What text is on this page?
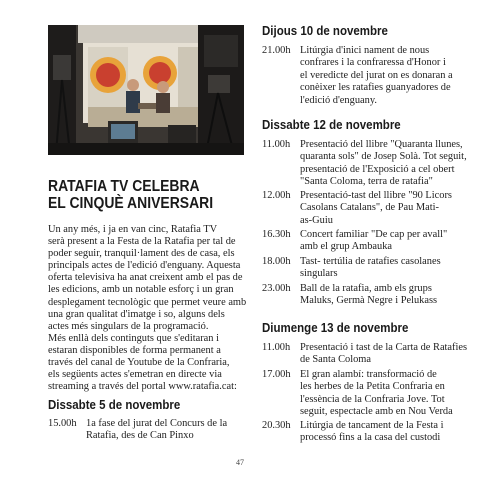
RATAFIA TV CELEBRA
EL CINQUÈ ANIVERSARI
Un any més, i ja en van cinc, Ratafia TV
serà present a la Festa de la Ratafia per tal de
poder seguir, tranquil·lament des de casa, els
principals actes de l'edició d'enguany. Aquesta
oferta televisiva ha anat creixent amb el pas de
les edicions, amb un notable esforç i un gran
desplegament tecnològic que permet veure amb
una gran qualitat d'imatge i so, alguns dels
actes més singulars de la programació.
Més enllà dels continguts que s'editaran i
estaran disponibles de forma permanent a
través del canal de Youtube de la Confraria,
els següents actes s'emetran en directe via
streaming a través del portal www.ratafia.cat:
Dissabte 5 de novembre
15.00h 1a fase del jurat del Concurs de la
Ratafia, des de Can Pinxo
Dijous 10 de novembre
21.00h Litúrgia d'inici nament de nous
confrares i la confraressa d'Honor i
el veredicte del jurat on es donaran a
conèixer les ratafies guanyadores de
l'edició d'enguany.
Dissabte 12 de novembre
11.00h Presentació del llibre "Quaranta llunes,
quaranta sols" de Josep Solà. Tot seguit,
presentació de l'Exposició a cel obert
"Santa Coloma, terra de ratafia"
12.00h Presentació-tast del llibre "90 Licors
Casolans Catalans", de Pau Mati-
as-Guiu
16.30h Concert familiar "De cap per avall"
amb el grup Ambauka
18.00h Tast- tertúlia de ratafies casolanes
singulars
23.00h Ball de la ratafia, amb els grups
Maluks, Germà Negre i Pelukass
Diumenge 13 de novembre
11.00h Presentació i tast de la Carta de Ratafies
de Santa Coloma
17.00h El gran alambí: transformació de
les herbes de la Petita Confraria en
l'essència de la Confraria Jove. Tot
seguit, espectacle amb en Nou Verda
20.30h Litúrgia de tancament de la Festa i
processó fins a la casa del custodi
47
